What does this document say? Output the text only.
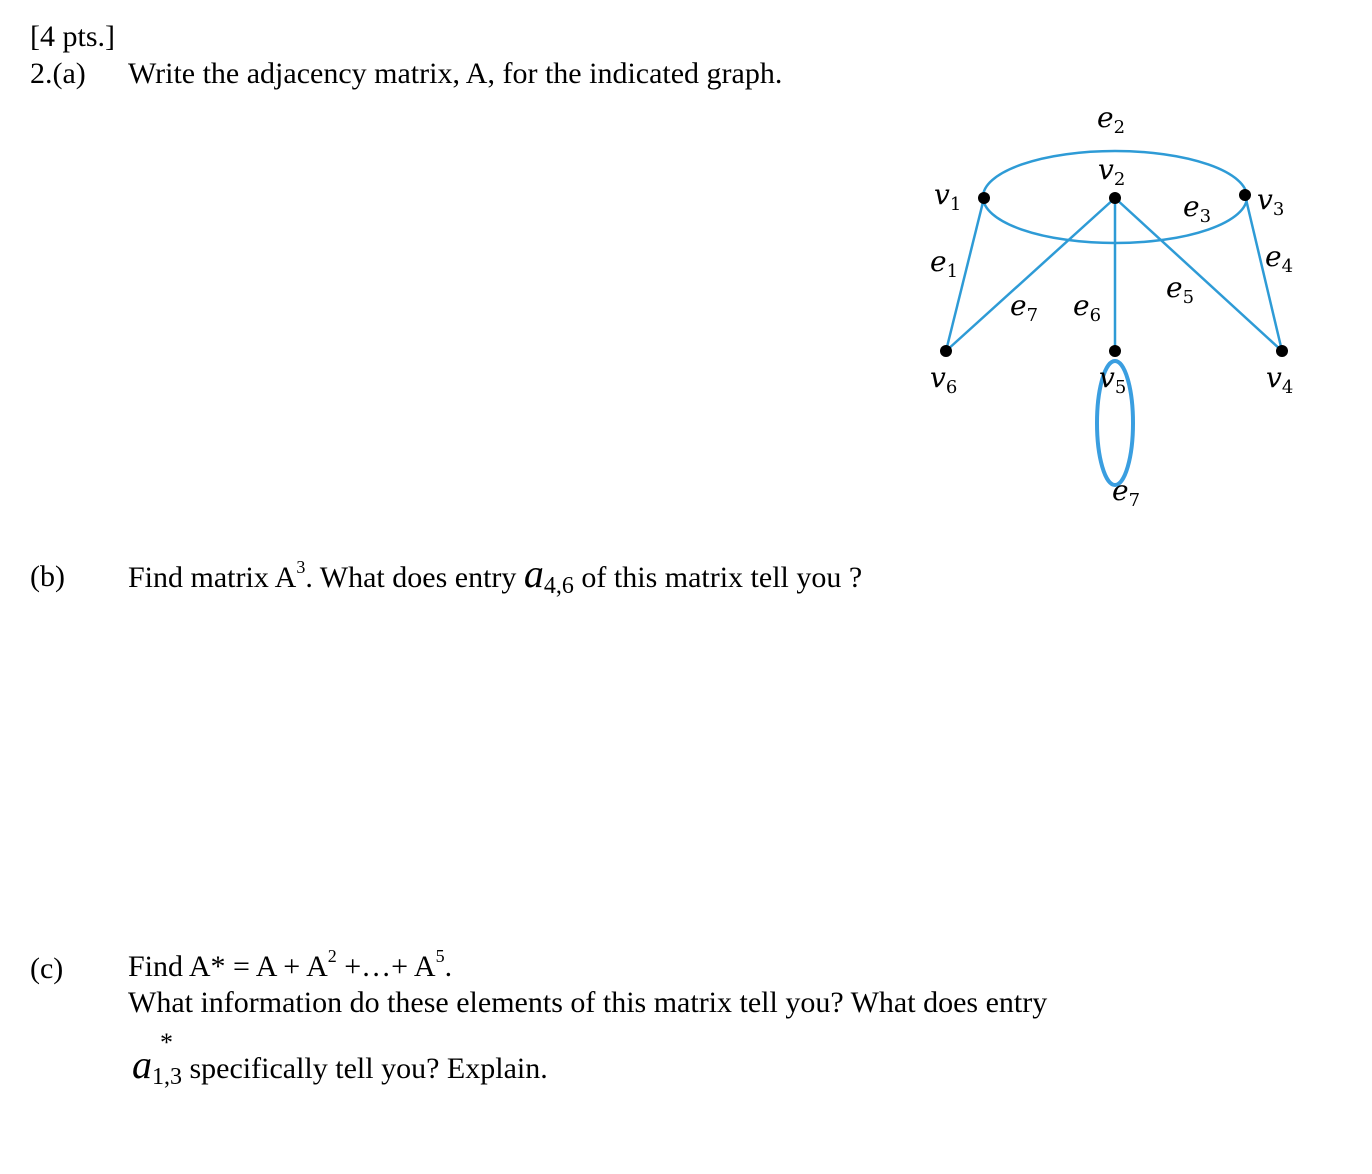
[4 pts.]
2.(a) Write the adjacency matrix, A, for the indicated graph.
$v_1$
$v_2$
$v_3$
$v_4$
$v_5$
$v_6$
$e_1$
$e_2$
$e_3$
$e_4$
$e_5$
$e_6$
$e_7$
$e_7$
(b) Find matrix $A^3$. What does entry $a_{4,6}$ of this matrix tell you ?
(c) Find $A* = A + A^2$ +…+ $A^5$.
What information do these elements of this matrix tell you? What does entry
*
$a_{1,3}$ specifically tell you? Explain.
